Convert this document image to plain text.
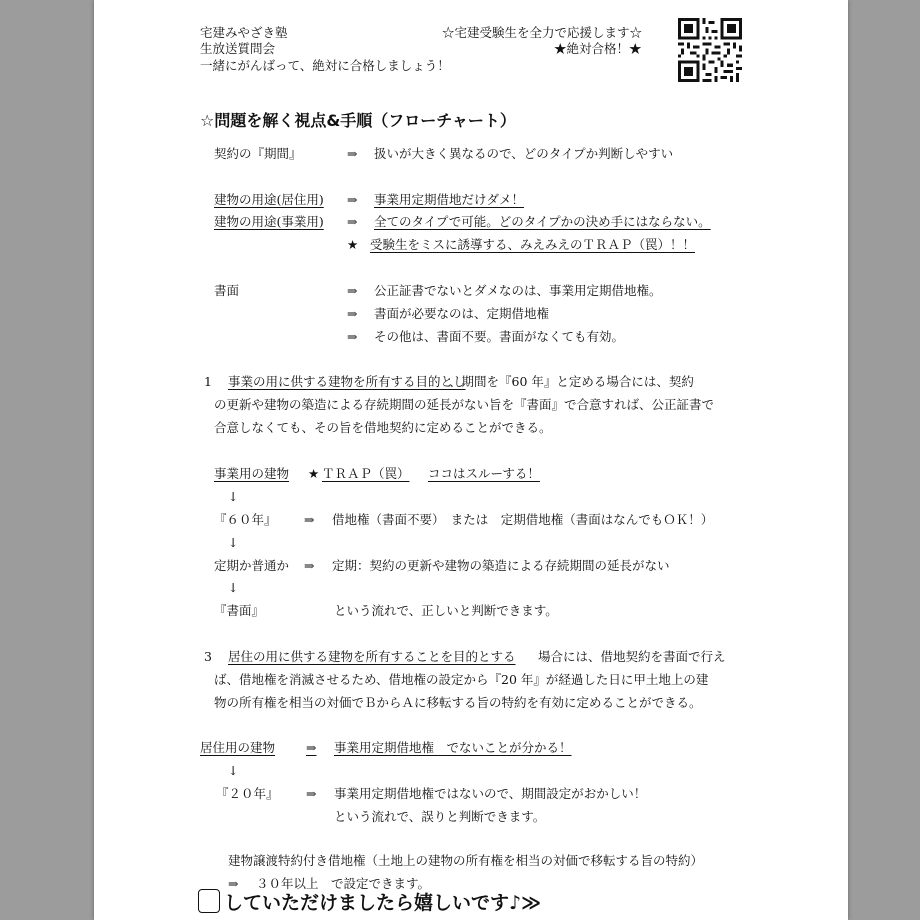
宅建みやざき塾
生放送質問会
一緒にがんばって、絶対に合格しましょう！
☆宅建受験生を全力で応援します☆
★絶対合格！★
☆問題を解く視点&手順（フローチャート）
契約の『期間』	⇒ 扱いが大きく異なるので、どのタイプか判断しやすい
建物の用途(居住用) ⇒ 事業用定期借地だけダメ！
建物の用途(事業用) ⇒ 全てのタイプで可能。どのタイプかの決め手にはならない。
★ 受験生をミスに誘導する、みえみえのＴＲＡＰ（罠）！！
書面	⇒ 公正証書でないとダメなのは、事業用定期借地権。
⇒ 書面が必要なのは、定期借地権
⇒ その他は、書面不要。書面がなくても有効。
1 事業の用に供する建物を所有する目的とし
、期間を『60 年』と定める場合には、契約
の更新や建物の築造による存続期間の延長がない旨を『書面』で合意すれば、公正証書で
合意しなくても、その旨を借地契約に定めることができる。
事業用の建物 ★ ＴＲＡＰ（罠） ココはスルーする！
↓
『６０年』 ⇒ 借地権（書面不要）　または　定期借地権（書面はなんでもＯＫ！）
↓
定期か普通か ⇒ 定期：契約の更新や建物の築造による存続期間の延長がない
↓
『書面』	という流れで、正しいと判断できます。
3 居住の用に供する建物を所有することを目的とする 場合には、借地契約を書面で行え
ば、借地権を消滅させるため、借地権の設定から『20 年』が経過した日に甲土地上の建
物の所有権を相当の対価でＢからＡに移転する旨の特約を有効に定めることができる。
居住用の建物 ⇒ 事業用定期借地権　でないことが分かる！
↓
『２０年』 ⇒ 事業用定期借地権ではないので、期間設定がおかしい！
という流れで、誤りと判断できます。
建物譲渡特約付き借地権（土地上の建物の所有権を相当の対価で移転する旨の特約）
⇒ ３０年以上　で設定できます。
していただけましたら嬉しいです♪≫
